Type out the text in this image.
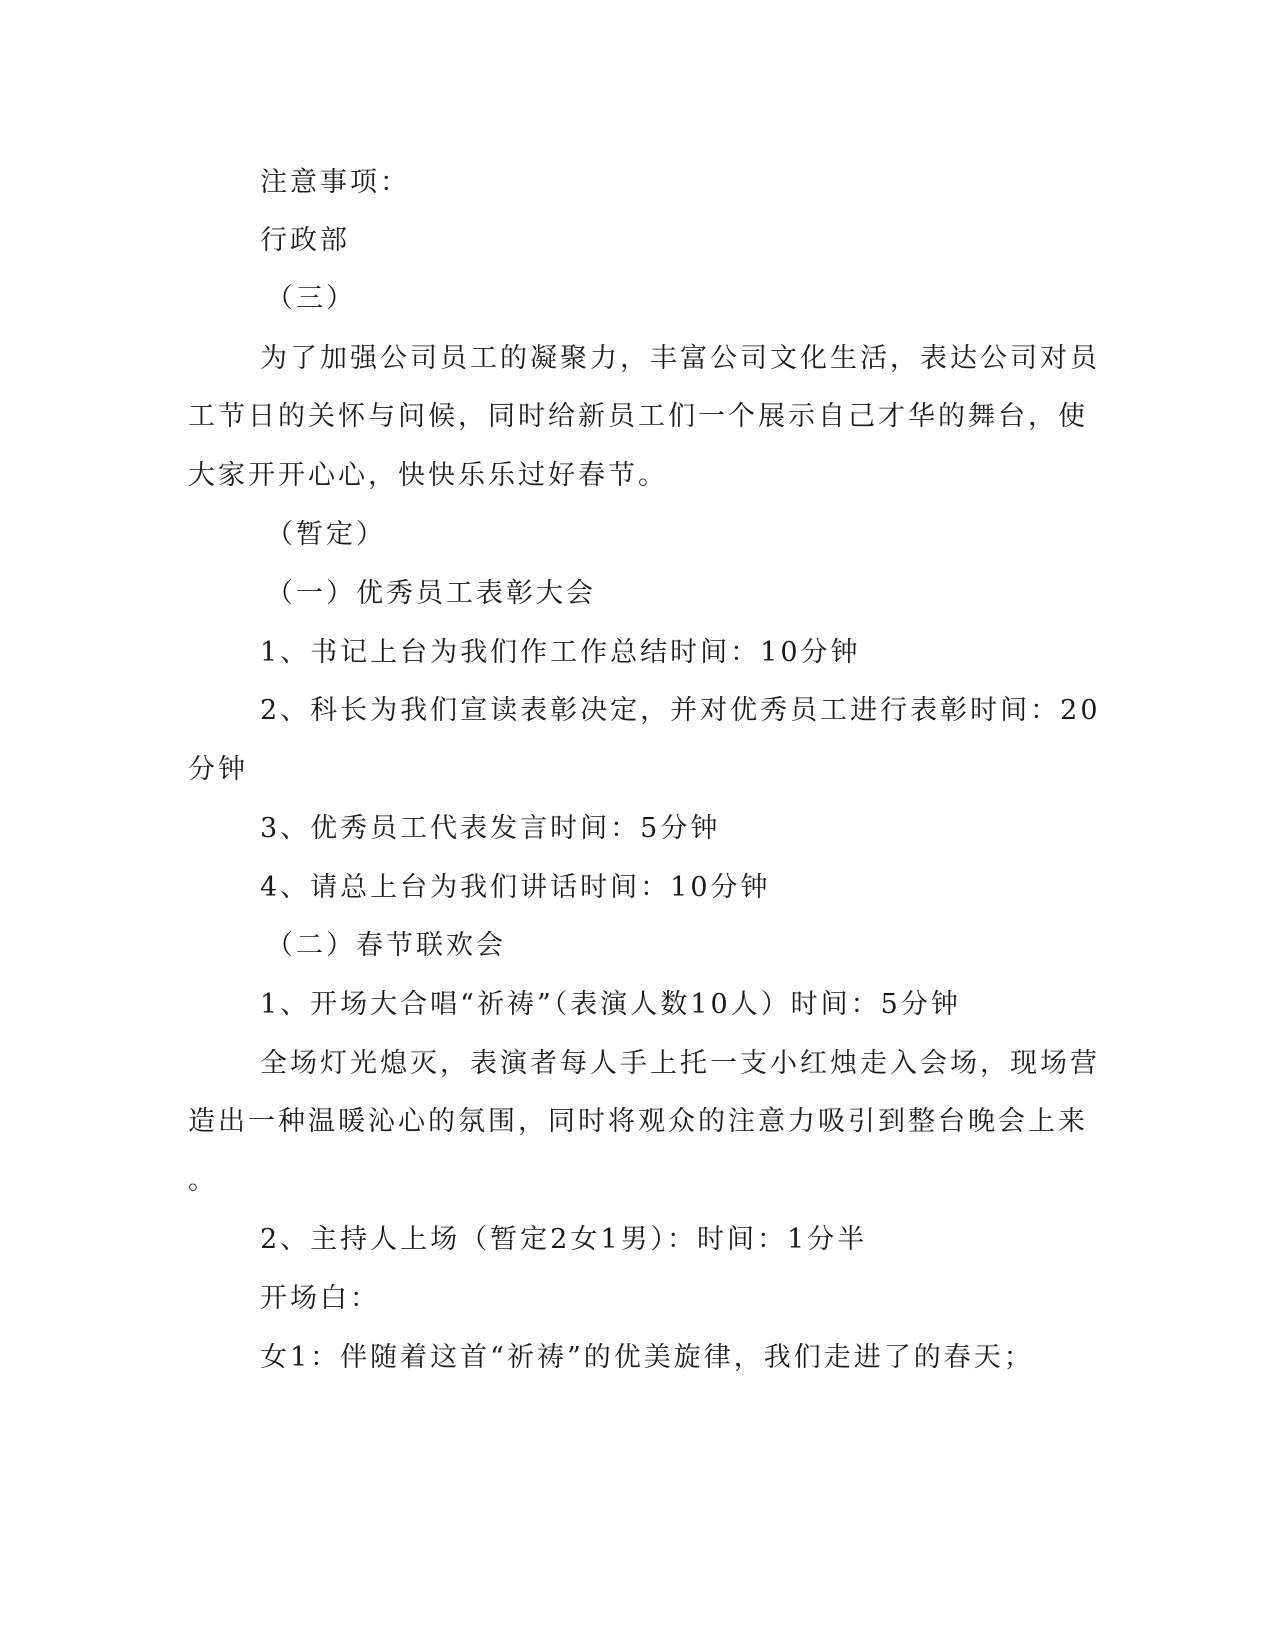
注意事项：
行政部
（三）
为了加强公司员工的凝聚力，丰富公司文化生活，表达公司对员
工节日的关怀与问候，同时给新员工们一个展示自己才华的舞台，使
大家开开心心，快快乐乐过好春节。
（暂定）
（一）优秀员工表彰大会
1、书记上台为我们作工作总结时间：10分钟
2、科长为我们宣读表彰决定，并对优秀员工进行表彰时间：20
分钟
3、优秀员工代表发言时间：5分钟
4、请总上台为我们讲话时间：10分钟
（二）春节联欢会
1、开场大合唱“祈祷”（表演人数10人）时间：5分钟
全场灯光熄灭，表演者每人手上托一支小红烛走入会场，现场营
造出一种温暖沁心的氛围，同时将观众的注意力吸引到整台晚会上来
。
2、主持人上场（暂定2女1男）：时间：1分半
开场白：
女1：伴随着这首“祈祷”的优美旋律，我们走进了的春天；
